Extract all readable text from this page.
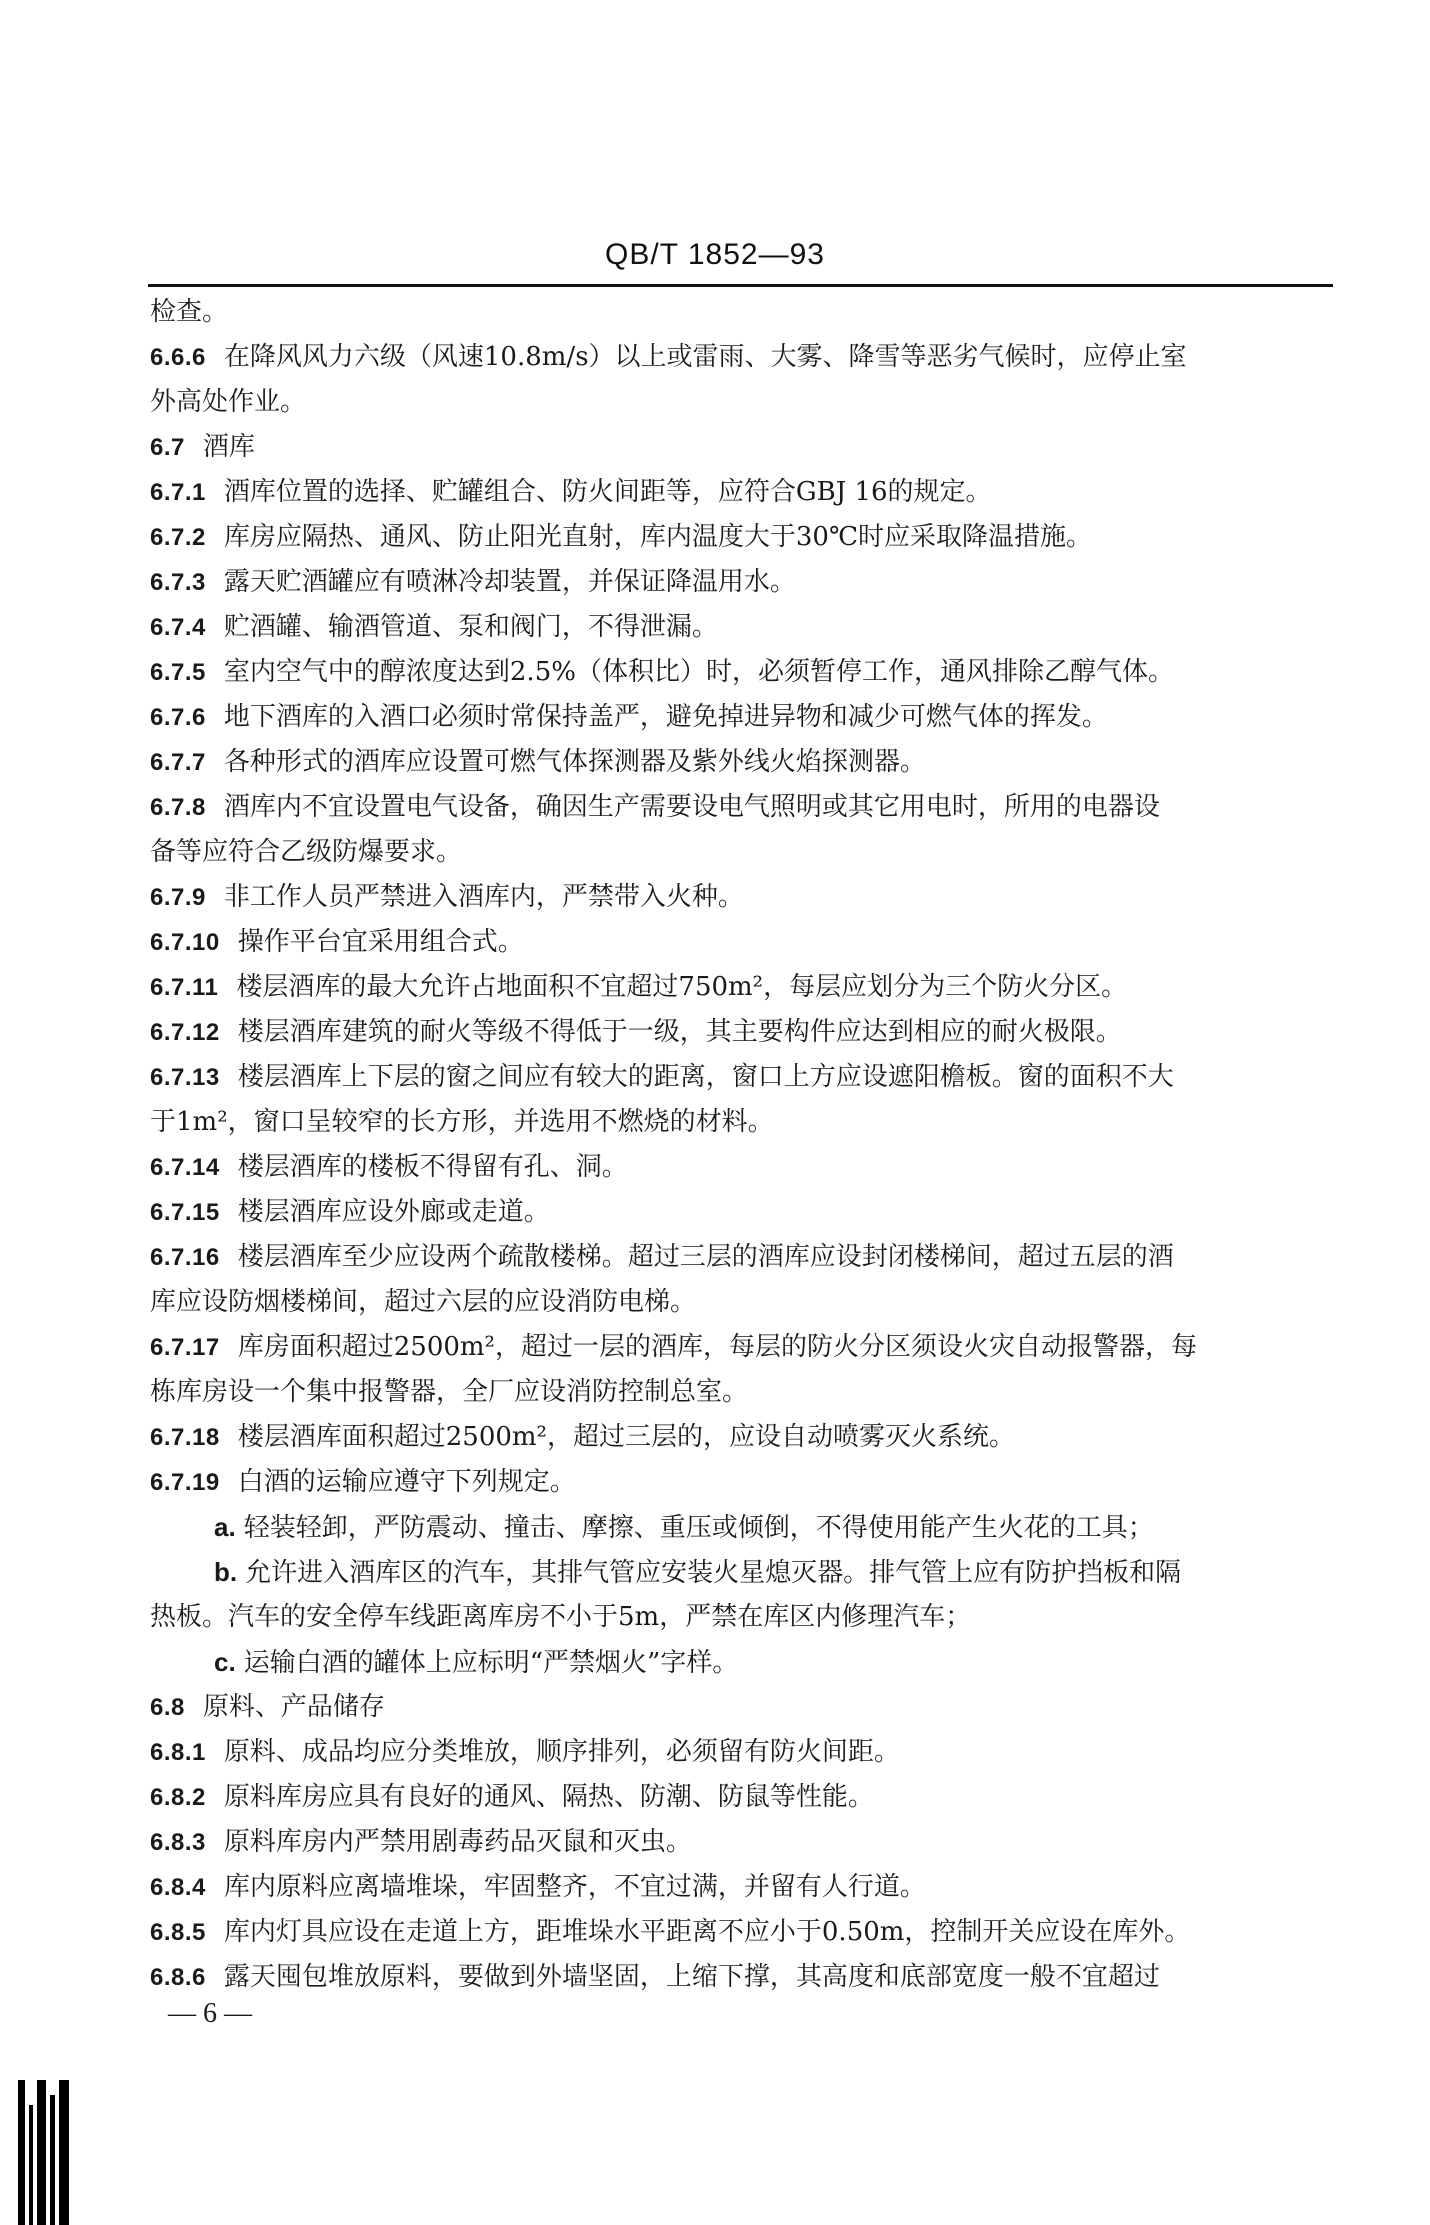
QB/T 1852—93
检查。
6.6.6 在降风风力六级（风速10.8m/s）以上或雷雨、大雾、降雪等恶劣气候时，应停止室
外高处作业。
6.7 酒库
6.7.1 酒库位置的选择、贮罐组合、防火间距等，应符合GBJ 16的规定。
6.7.2 库房应隔热、通风、防止阳光直射，库内温度大于30℃时应采取降温措施。
6.7.3 露天贮酒罐应有喷淋冷却装置，并保证降温用水。
6.7.4 贮酒罐、输酒管道、泵和阀门，不得泄漏。
6.7.5 室内空气中的醇浓度达到2.5%（体积比）时，必须暂停工作，通风排除乙醇气体。
6.7.6 地下酒库的入酒口必须时常保持盖严，避免掉进异物和减少可燃气体的挥发。
6.7.7 各种形式的酒库应设置可燃气体探测器及紫外线火焰探测器。
6.7.8 酒库内不宜设置电气设备，确因生产需要设电气照明或其它用电时，所用的电器设
备等应符合乙级防爆要求。
6.7.9 非工作人员严禁进入酒库内，严禁带入火种。
6.7.10 操作平台宜采用组合式。
6.7.11 楼层酒库的最大允许占地面积不宜超过750m²，每层应划分为三个防火分区。
6.7.12 楼层酒库建筑的耐火等级不得低于一级，其主要构件应达到相应的耐火极限。
6.7.13 楼层酒库上下层的窗之间应有较大的距离，窗口上方应设遮阳檐板。窗的面积不大
于1m²，窗口呈较窄的长方形，并选用不燃烧的材料。
6.7.14 楼层酒库的楼板不得留有孔、洞。
6.7.15 楼层酒库应设外廊或走道。
6.7.16 楼层酒库至少应设两个疏散楼梯。超过三层的酒库应设封闭楼梯间，超过五层的酒
库应设防烟楼梯间，超过六层的应设消防电梯。
6.7.17 库房面积超过2500m²，超过一层的酒库，每层的防火分区须设火灾自动报警器，每
栋库房设一个集中报警器，全厂应设消防控制总室。
6.7.18 楼层酒库面积超过2500m²，超过三层的，应设自动喷雾灭火系统。
6.7.19 白酒的运输应遵守下列规定。
a. 轻装轻卸，严防震动、撞击、摩擦、重压或倾倒，不得使用能产生火花的工具；
b. 允许进入酒库区的汽车，其排气管应安装火星熄灭器。排气管上应有防护挡板和隔
热板。汽车的安全停车线距离库房不小于5m，严禁在库区内修理汽车；
c. 运输白酒的罐体上应标明“严禁烟火”字样。
6.8 原料、产品储存
6.8.1 原料、成品均应分类堆放，顺序排列，必须留有防火间距。
6.8.2 原料库房应具有良好的通风、隔热、防潮、防鼠等性能。
6.8.3 原料库房内严禁用剧毒药品灭鼠和灭虫。
6.8.4 库内原料应离墙堆垛，牢固整齐，不宜过满，并留有人行道。
6.8.5 库内灯具应设在走道上方，距堆垛水平距离不应小于0.50m，控制开关应设在库外。
6.8.6 露天囤包堆放原料，要做到外墙坚固，上缩下撑，其高度和底部宽度一般不宜超过
— 6 —
